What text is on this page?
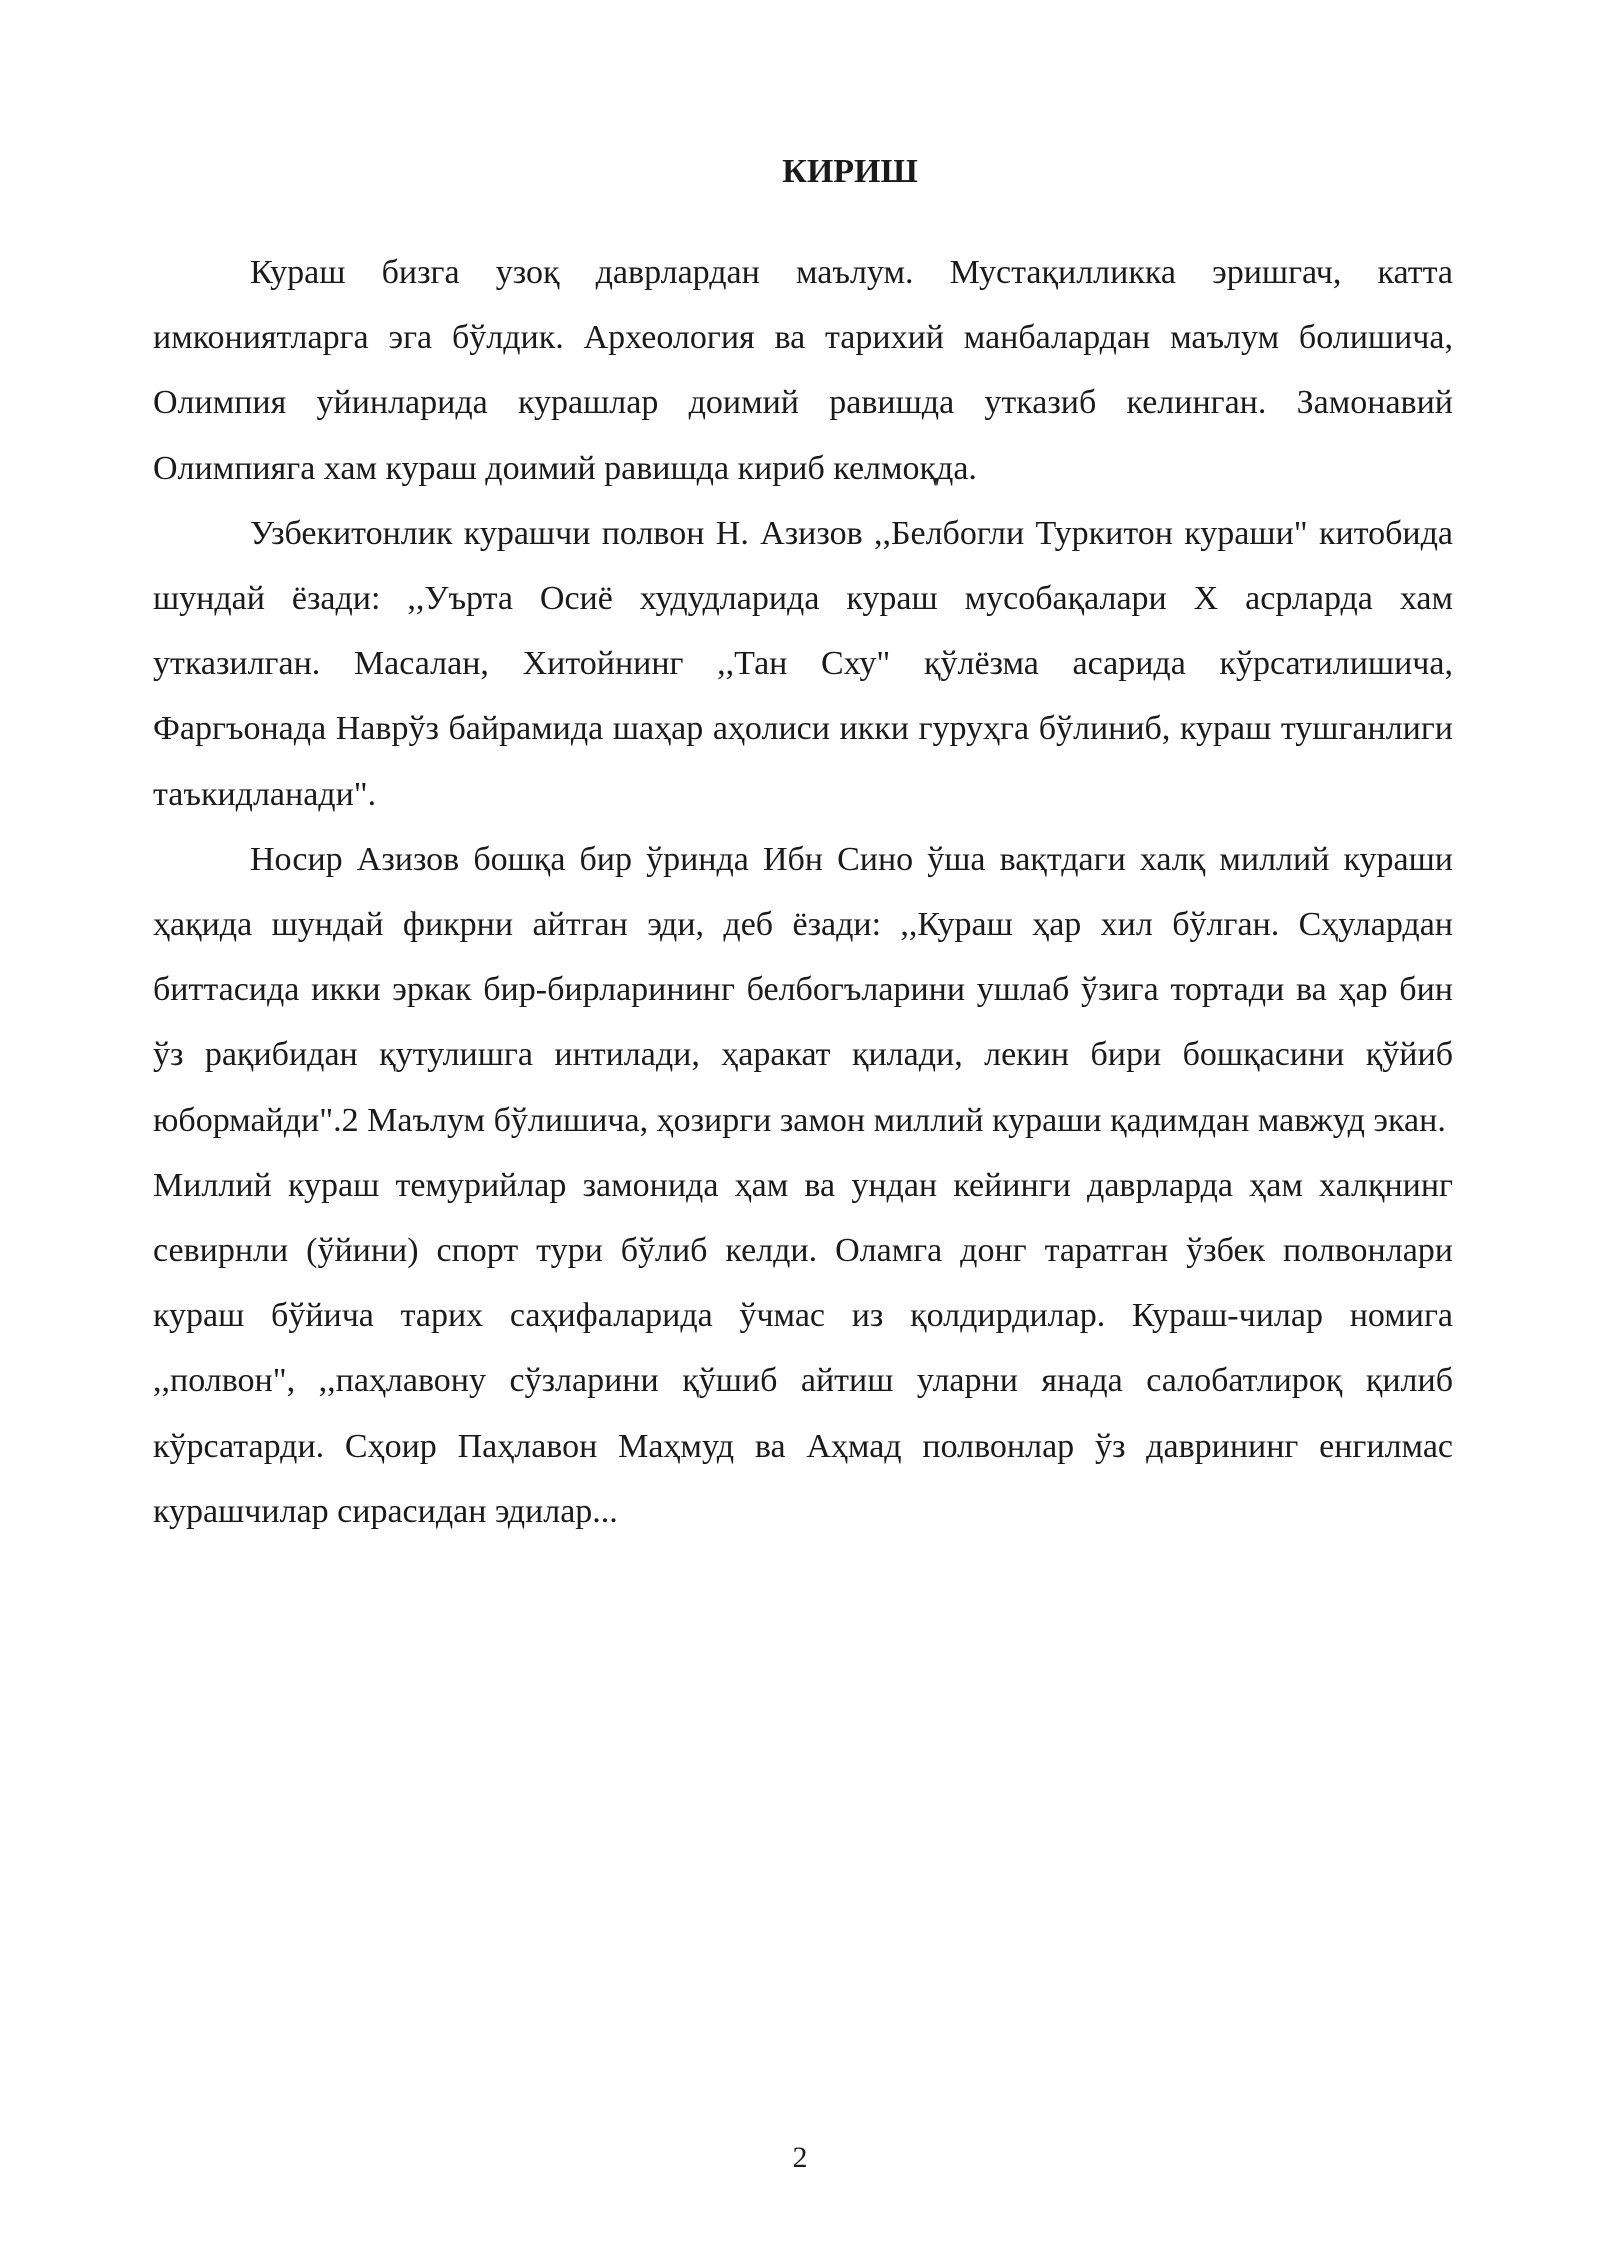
КИРИШ

Кураш бизга узоқ даврлардан маълум. Мустақилликка эришгач, катта имкониятларга эга бўлдик. Археология ва тарихий манбалардан маълум болишича, Олимпия уйинларида курашлар доимий равишда утказиб келинган. Замонавий Олимпияга хам кураш доимий равишда кириб келмоқда.

Узбекитонлик курашчи полвон Н. Азизов ,,Белбогли Туркитон кураши" китобида шундай ёзади: ,,Уърта Осиё худудларида кураш мусобақалари Х асрларда хам утказилган. Масалан, Хитойнинг ,,Тан Сху" қўлёзма асарида кўрсатилишича, Фаргъонада Наврўз байрамида шаҳар аҳолиси икки гуруҳга бўлиниб, кураш тушганлиги таъкидланади".

Носир Азизов бошқа бир ўринда Ибн Сино ўша вақтдаги халқ миллий кураши ҳақида шундай фикрни айтган эди, деб ёзади: ,,Кураш ҳар хил бўлган. Сҳулардан биттасида икки эркак бир-бирларининг белбогъларини ушлаб ўзига тортади ва ҳар бин ўз рақибидан қутулишга интилади, ҳаракат қилади, лекин бири бошқасини қўйиб юбормайди".2 Маълум бўлишича, ҳозирги замон миллий кураши қадимдан мавжуд экан.

Миллий кураш темурийлар замонида ҳам ва ундан кейинги даврларда ҳам халқнинг севирнли (ўйини) спорт тури бўлиб келди. Оламга донг таратган ўзбек полвонлари кураш бўйича тарих саҳифаларида ўчмас из қолдирдилар. Кураш-чилар номига ,,полвон", ,,паҳлавону сўзларини қўшиб айтиш уларни янада салобатлироқ қилиб кўрсатарди. Сҳоир Паҳлавон Маҳмуд ва Аҳмад полвонлар ўз даврининг енгилмас курашчилар сирасидан эдилар...

2
